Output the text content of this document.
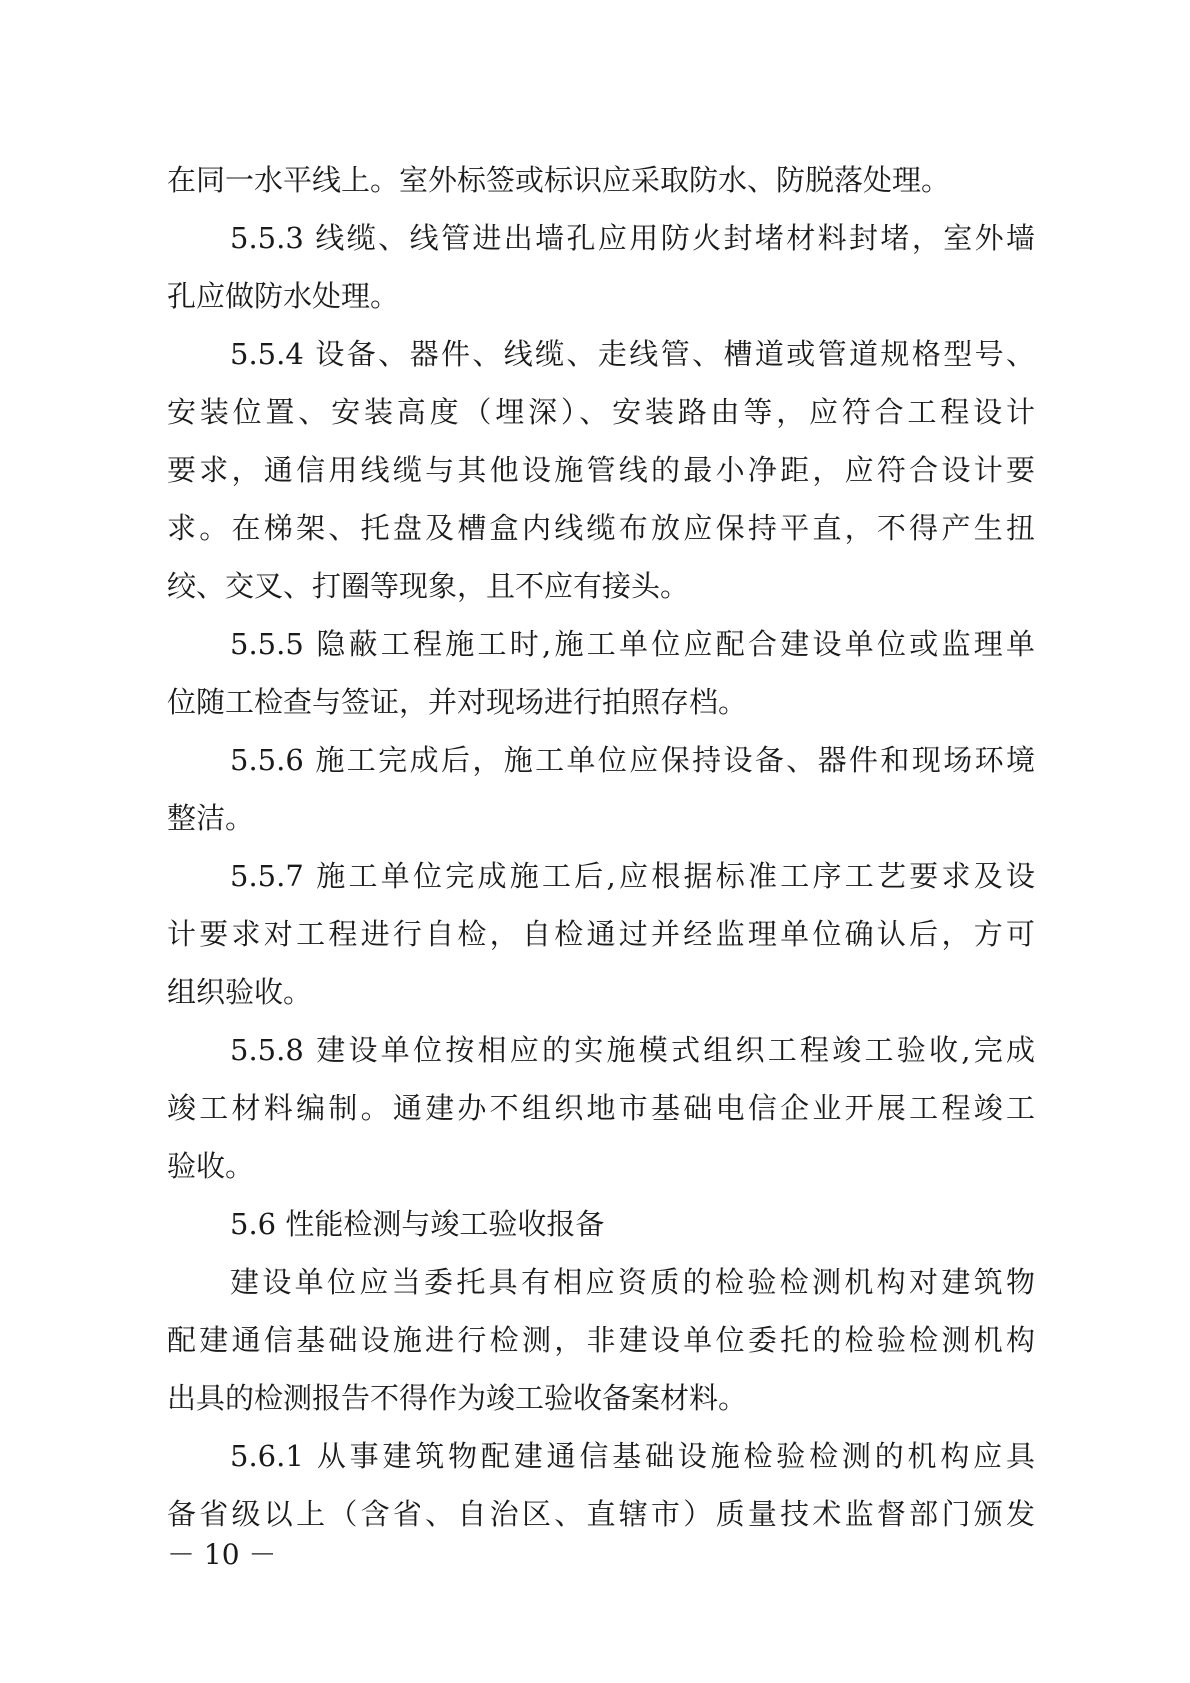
在同一水平线上。室外标签或标识应采取防水、防脱落处理。
5.5.3 线缆、线管进出墙孔应用防火封堵材料封堵，室外墙
孔应做防水处理。
5.5.4 设备、器件、线缆、走线管、槽道或管道规格型号、
安装位置、安装高度（埋深）、安装路由等，应符合工程设计
要求，通信用线缆与其他设施管线的最小净距，应符合设计要
求。在梯架、托盘及槽盒内线缆布放应保持平直，不得产生扭
绞、交叉、打圈等现象，且不应有接头。
5.5.5 隐蔽工程施工时,施工单位应配合建设单位或监理单
位随工检查与签证，并对现场进行拍照存档。
5.5.6 施工完成后，施工单位应保持设备、器件和现场环境
整洁。
5.5.7 施工单位完成施工后,应根据标准工序工艺要求及设
计要求对工程进行自检，自检通过并经监理单位确认后，方可
组织验收。
5.5.8 建设单位按相应的实施模式组织工程竣工验收,完成
竣工材料编制。通建办不组织地市基础电信企业开展工程竣工
验收。
5.6 性能检测与竣工验收报备
建设单位应当委托具有相应资质的检验检测机构对建筑物
配建通信基础设施进行检测，非建设单位委托的检验检测机构
出具的检测报告不得作为竣工验收备案材料。
5.6.1 从事建筑物配建通信基础设施检验检测的机构应具
备省级以上（含省、自治区、直辖市）质量技术监督部门颁发
－ 10 －
